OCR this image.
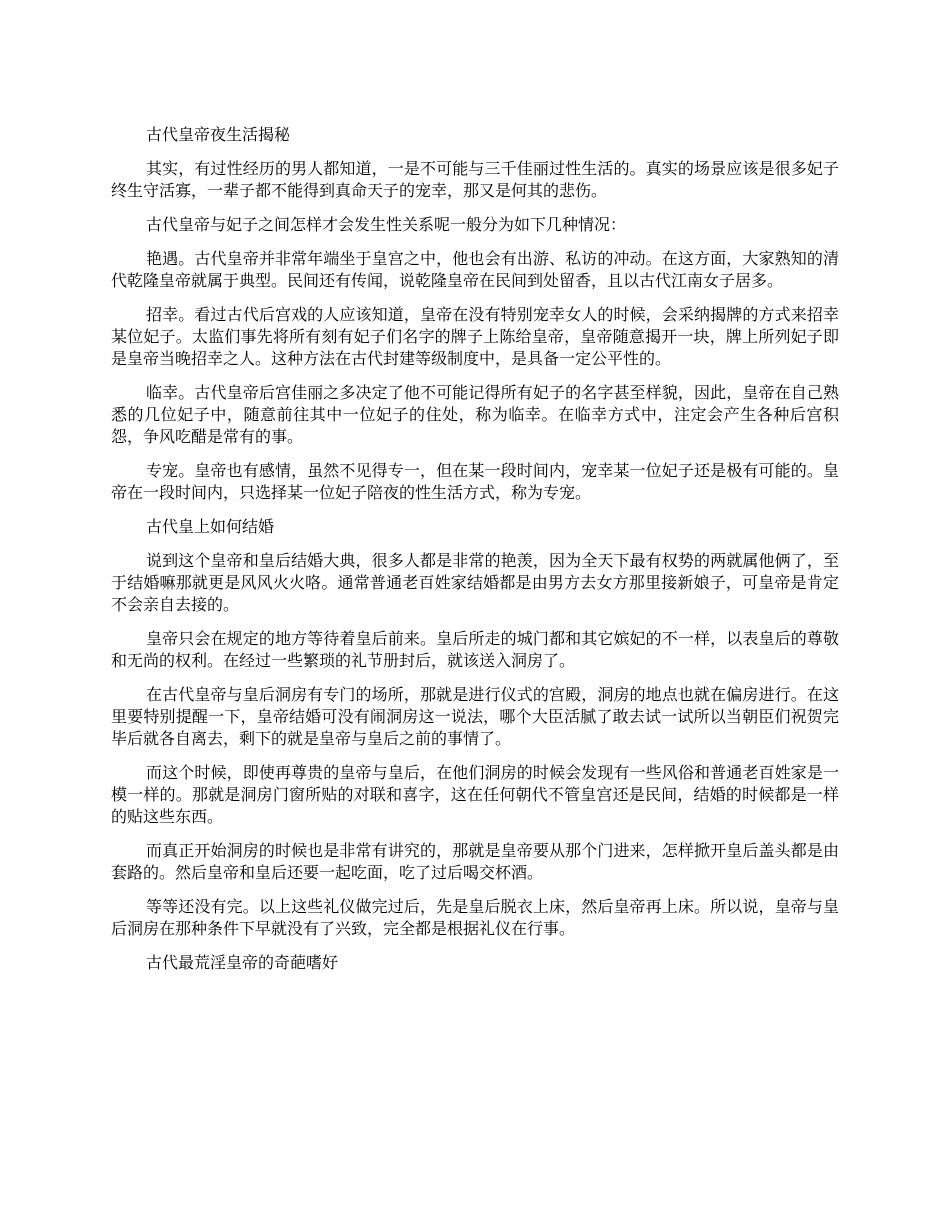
古代皇帝夜生活揭秘

其实，有过性经历的男人都知道，一是不可能与三千佳丽过性生活的。真实的场景应该是很多妃子终生守活寡，一辈子都不能得到真命天子的宠幸，那又是何其的悲伤。

古代皇帝与妃子之间怎样才会发生性关系呢一般分为如下几种情况：

艳遇。古代皇帝并非常年端坐于皇宫之中，他也会有出游、私访的冲动。在这方面，大家熟知的清代乾隆皇帝就属于典型。民间还有传闻，说乾隆皇帝在民间到处留香，且以古代江南女子居多。

招幸。看过古代后宫戏的人应该知道，皇帝在没有特别宠幸女人的时候，会采纳揭牌的方式来招幸某位妃子。太监们事先将所有刻有妃子们名字的牌子上陈给皇帝，皇帝随意揭开一块，牌上所列妃子即是皇帝当晚招幸之人。这种方法在古代封建等级制度中，是具备一定公平性的。

临幸。古代皇帝后宫佳丽之多决定了他不可能记得所有妃子的名字甚至样貌，因此，皇帝在自己熟悉的几位妃子中，随意前往其中一位妃子的住处，称为临幸。在临幸方式中，注定会产生各种后宫积怨，争风吃醋是常有的事。

专宠。皇帝也有感情，虽然不见得专一，但在某一段时间内，宠幸某一位妃子还是极有可能的。皇帝在一段时间内，只选择某一位妃子陪夜的性生活方式，称为专宠。

古代皇上如何结婚

说到这个皇帝和皇后结婚大典，很多人都是非常的艳羡，因为全天下最有权势的两就属他俩了，至于结婚嘛那就更是风风火火咯。通常普通老百姓家结婚都是由男方去女方那里接新娘子，可皇帝是肯定不会亲自去接的。

皇帝只会在规定的地方等待着皇后前来。皇后所走的城门都和其它嫔妃的不一样，以表皇后的尊敬和无尚的权利。在经过一些繁琐的礼节册封后，就该送入洞房了。

在古代皇帝与皇后洞房有专门的场所，那就是进行仪式的宫殿，洞房的地点也就在偏房进行。在这里要特别提醒一下，皇帝结婚可没有闹洞房这一说法，哪个大臣活腻了敢去试一试所以当朝臣们祝贺完毕后就各自离去，剩下的就是皇帝与皇后之前的事情了。

而这个时候，即使再尊贵的皇帝与皇后，在他们洞房的时候会发现有一些风俗和普通老百姓家是一模一样的。那就是洞房门窗所贴的对联和喜字，这在任何朝代不管皇宫还是民间，结婚的时候都是一样的贴这些东西。

而真正开始洞房的时候也是非常有讲究的，那就是皇帝要从那个门进来，怎样掀开皇后盖头都是由套路的。然后皇帝和皇后还要一起吃面，吃了过后喝交杯酒。

等等还没有完。以上这些礼仪做完过后，先是皇后脱衣上床，然后皇帝再上床。所以说，皇帝与皇后洞房在那种条件下早就没有了兴致，完全都是根据礼仪在行事。

古代最荒淫皇帝的奇葩嗜好
